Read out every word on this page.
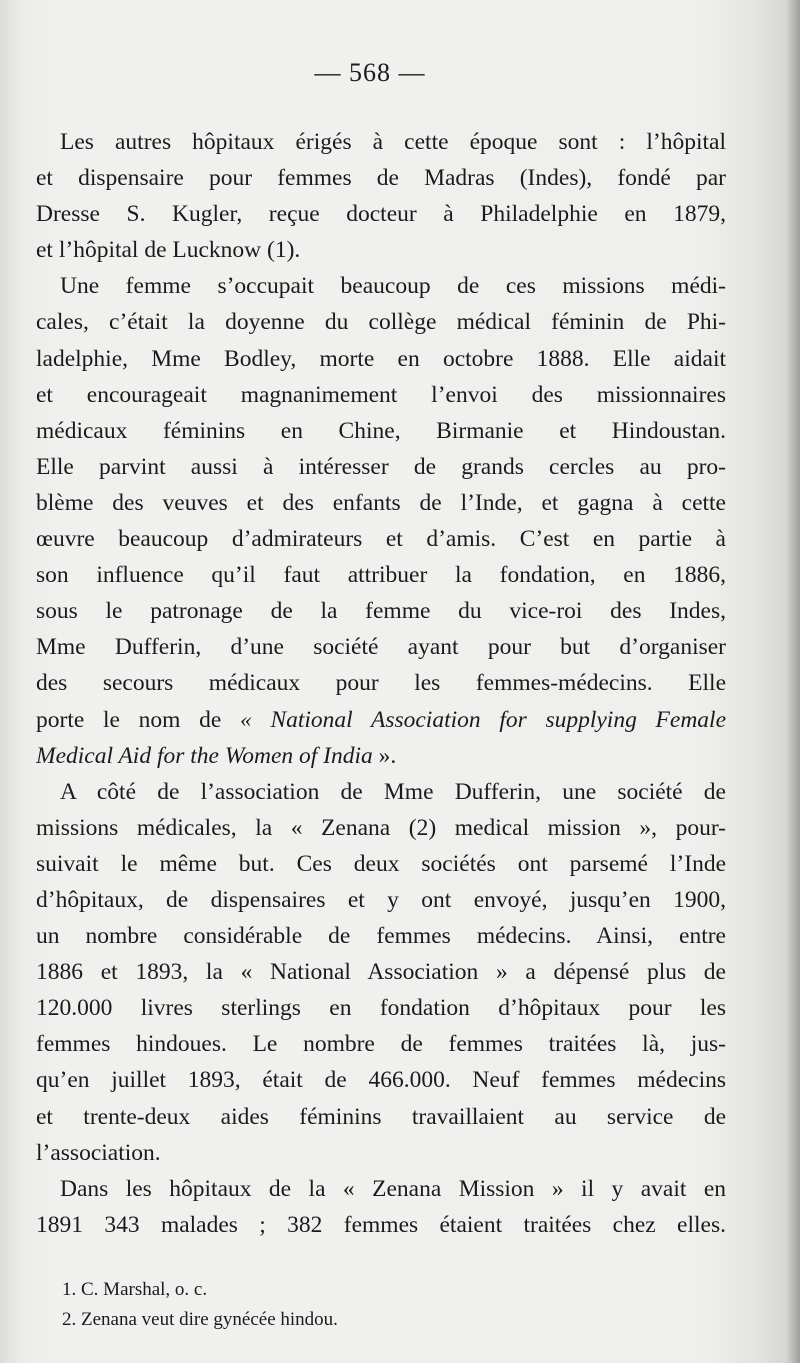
— 568 —
Les autres hôpitaux érigés à cette époque sont : l’hôpital
et dispensaire pour femmes de Madras (Indes), fondé par
Dresse S. Kugler, reçue docteur à Philadelphie en 1879,
et l’hôpital de Lucknow (1).
Une femme s’occupait beaucoup de ces missions médi-
cales, c’était la doyenne du collège médical féminin de Phi-
ladelphie, Mme Bodley, morte en octobre 1888. Elle aidait
et encourageait magnanimement l’envoi des missionnaires
médicaux féminins en Chine, Birmanie et Hindoustan.
Elle parvint aussi à intéresser de grands cercles au pro-
blème des veuves et des enfants de l’Inde, et gagna à cette
œuvre beaucoup d’admirateurs et d’amis. C’est en partie à
son influence qu’il faut attribuer la fondation, en 1886,
sous le patronage de la femme du vice-roi des Indes,
Mme Dufferin, d’une société ayant pour but d’organiser
des secours médicaux pour les femmes-médecins. Elle
porte le nom de « National Association for supplying Female
Medical Aid for the Women of India ».
A côté de l’association de Mme Dufferin, une société de
missions médicales, la « Zenana (2) medical mission », pour-
suivait le même but. Ces deux sociétés ont parsemé l’Inde
d’hôpitaux, de dispensaires et y ont envoyé, jusqu’en 1900,
un nombre considérable de femmes médecins. Ainsi, entre
1886 et 1893, la « National Association » a dépensé plus de
120.000 livres sterlings en fondation d’hôpitaux pour les
femmes hindoues. Le nombre de femmes traitées là, jus-
qu’en juillet 1893, était de 466.000. Neuf femmes médecins
et trente-deux aides féminins travaillaient au service de
l’association.
Dans les hôpitaux de la « Zenana Mission » il y avait en
1891 343 malades ; 382 femmes étaient traitées chez elles.
1. C. Marshal, o. c.
2. Zenana veut dire gynécée hindou.
